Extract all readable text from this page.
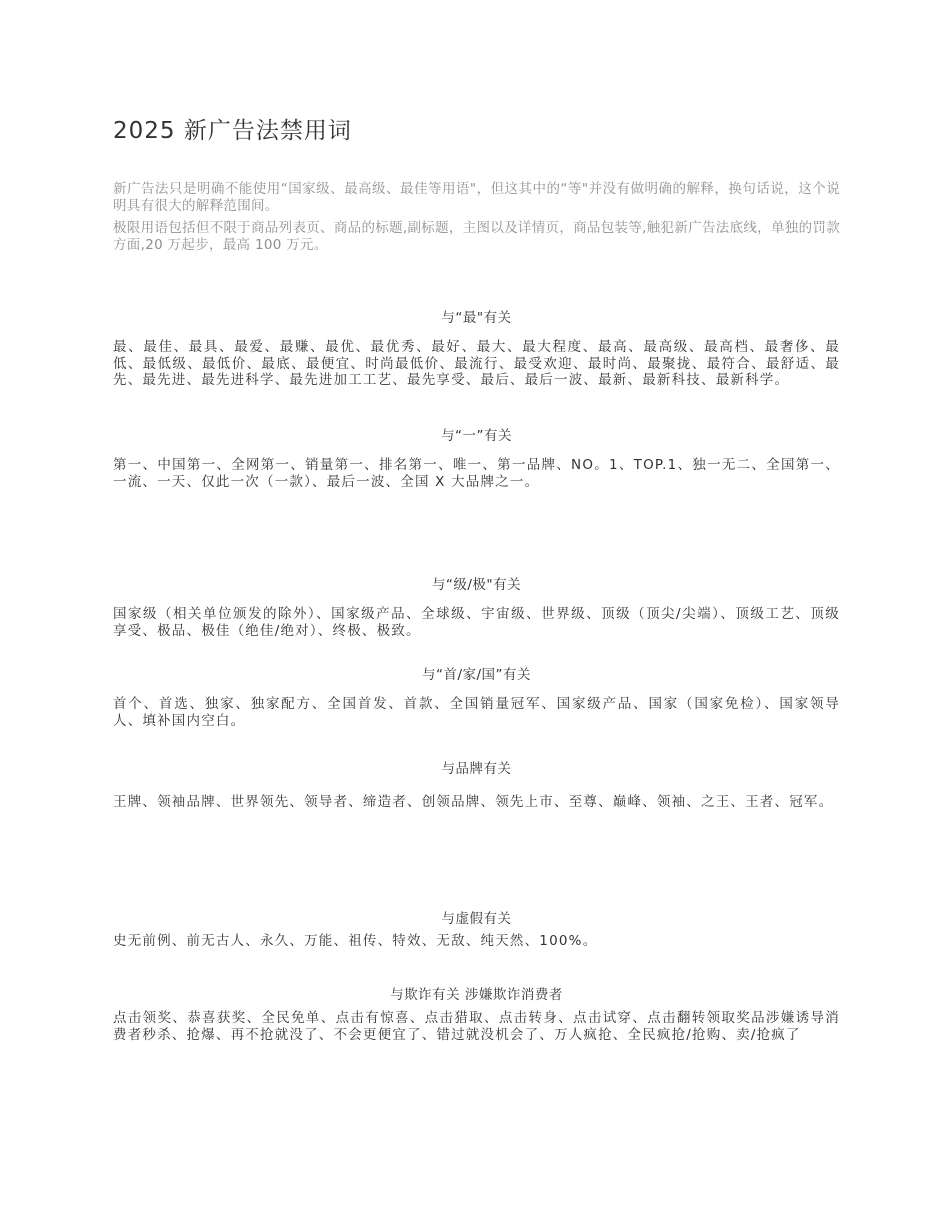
2025 新广告法禁用词
新广告法只是明确不能使用“国家级、最高级、最佳等用语"，但这其中的“等"并没有做明确的解释，换句话说，这个说明具有很大的解释范围间。
极限用语包括但不限于商品列表页、商品的标题,副标题，主图以及详情页，商品包装等,触犯新广告法底线，单独的罚款方面,20 万起步，最高 100 万元。
与“最"有关
最、最佳、最具、最爱、最赚、最优、最优秀、最好、最大、最大程度、最高、最高级、最高档、最奢侈、最低、最低级、最低价、最底、最便宜、时尚最低价、最流行、最受欢迎、最时尚、最聚拢、最符合、最舒适、最先、最先进、最先进科学、最先进加工工艺、最先享受、最后、最后一波、最新、最新科技、最新科学。
与“一”有关
第一、中国第一、全网第一、销量第一、排名第一、唯一、第一品牌、NO。1、TOP.1、独一无二、全国第一、一流、一天、仅此一次（一款）、最后一波、全国 X 大品牌之一。
与“级/极"有关
国家级（相关单位颁发的除外）、国家级产品、全球级、宇宙级、世界级、顶级（顶尖/尖端）、顶级工艺、顶级享受、极品、极佳（绝佳/绝对）、终极、极致。
与“首/家/国”有关
首个、首选、独家、独家配方、全国首发、首款、全国销量冠军、国家级产品、国家（国家免检）、国家领导人、填补国内空白。
与品牌有关
王牌、领袖品牌、世界领先、领导者、缔造者、创领品牌、领先上市、至尊、巅峰、领袖、之王、王者、冠军。
与虚假有关
史无前例、前无古人、永久、万能、祖传、特效、无敌、纯天然、100%。
与欺诈有关 涉嫌欺诈消费者
点击领奖、恭喜获奖、全民免单、点击有惊喜、点击猎取、点击转身、点击试穿、点击翻转领取奖品涉嫌诱导消费者秒杀、抢爆、再不抢就没了、不会更便宜了、错过就没机会了、万人疯抢、全民疯抢/抢购、卖/抢疯了
